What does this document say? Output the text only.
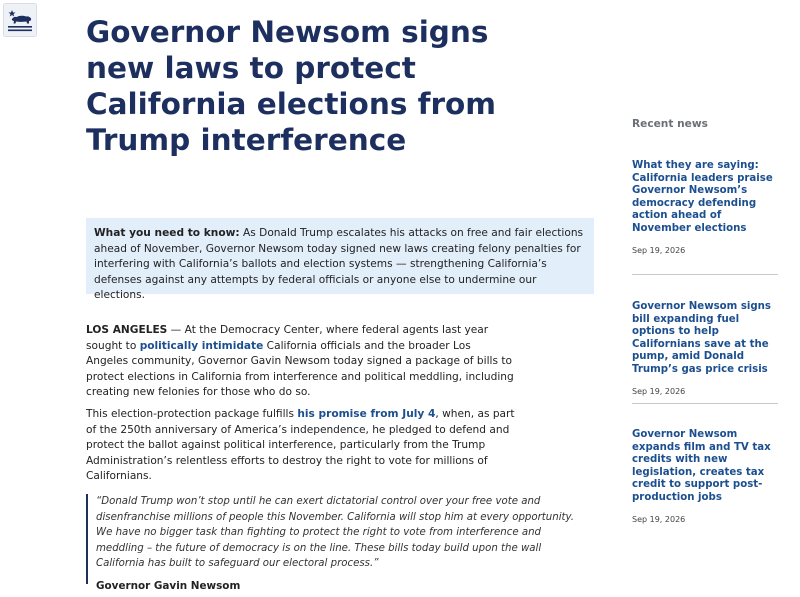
Governor Newsom signs new laws to protect California elections from Trump interference
What you need to know: As Donald Trump escalates his attacks on free and fair elections ahead of November, Governor Newsom today signed new laws creating felony penalties for interfering with California’s ballots and election systems — strengthening California’s defenses against any attempts by federal officials or anyone else to undermine our elections.

LOS ANGELES — At the Democracy Center, where federal agents last year sought to politically intimidate California officials and the broader Los Angeles community, Governor Gavin Newsom today signed a package of bills to protect elections in California from interference and political meddling, including creating new felonies for those who do so.

This election-protection package fulfills his promise from July 4, when, as part of the 250th anniversary of America’s independence, he pledged to defend and protect the ballot against political interference, particularly from the Trump Administration’s relentless efforts to destroy the right to vote for millions of Californians.

“Donald Trump won’t stop until he can exert dictatorial control over your free vote and disenfranchise millions of people this November. California will stop him at every opportunity. We have no bigger task than fighting to protect the right to vote from interference and meddling – the future of democracy is on the line. These bills today build upon the wall California has built to safeguard our electoral process.”

Governor Gavin Newsom

Recent news
What they are saying: California leaders praise Governor Newsom’s democracy defending action ahead of November elections
Sep 19, 2026
Governor Newsom signs bill expanding fuel options to help Californians save at the pump, amid Donald Trump’s gas price crisis
Sep 19, 2026
Governor Newsom expands film and TV tax credits with new legislation, creates tax credit to support post-production jobs
Sep 19, 2026
